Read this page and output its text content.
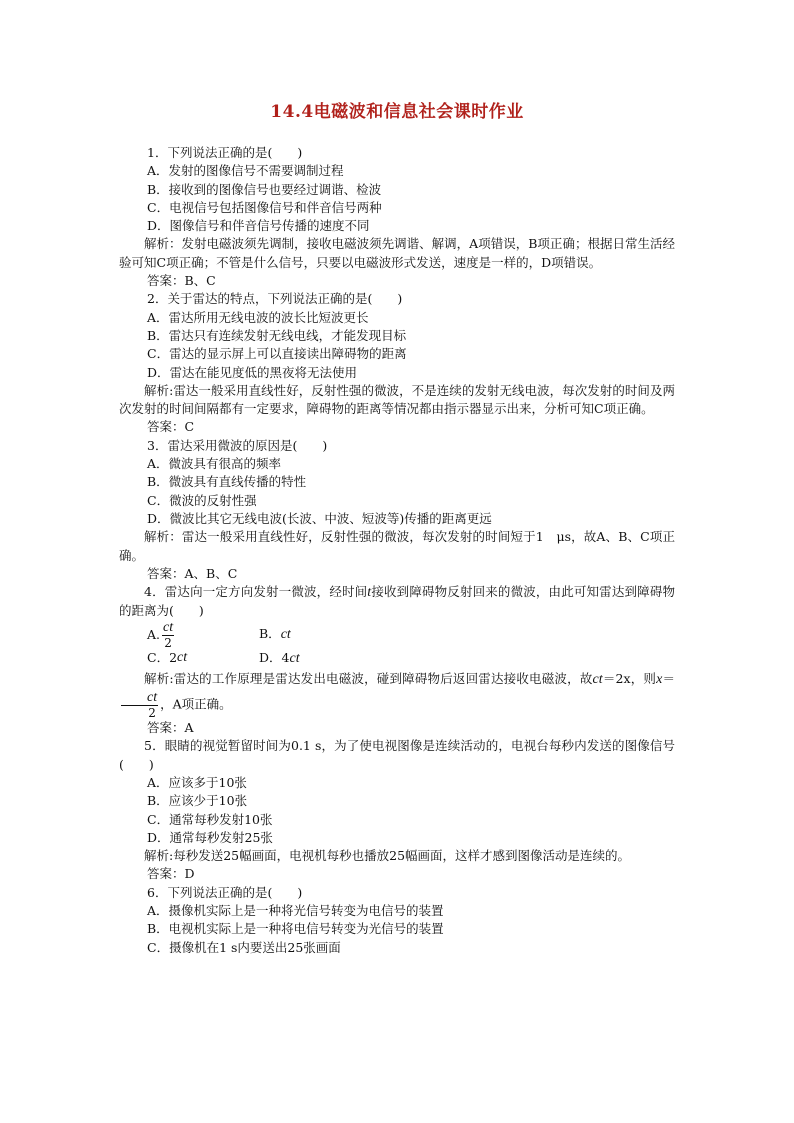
14.4电磁波和信息社会课时作业
1．下列说法正确的是(　　)
A．发射的图像信号不需要调制过程
B．接收到的图像信号也要经过调谐、检波
C．电视信号包括图像信号和伴音信号两种
D．图像信号和伴音信号传播的速度不同
解析：发射电磁波须先调制，接收电磁波须先调谐、解调，A项错误，B项正确；根据日常生活经验可知C项正确；不管是什么信号，只要以电磁波形式发送，速度是一样的，D项错误。
答案：B、C
2．关于雷达的特点，下列说法正确的是(　　)
A．雷达所用无线电波的波长比短波更长
B．雷达只有连续发射无线电线，才能发现目标
C．雷达的显示屏上可以直接读出障碍物的距离
D．雷达在能见度低的黑夜将无法使用
解析:雷达一般采用直线性好，反射性强的微波，不是连续的发射无线电波，每次发射的时间及两次发射的时间间隔都有一定要求，障碍物的距离等情况都由指示器显示出来，分析可知C项正确。
答案：C
3．雷达采用微波的原因是(　　)
A．微波具有很高的频率
B．微波具有直线传播的特性
C．微波的反射性强
D．微波比其它无线电波(长波、中波、短波等)传播的距离更远
解析：雷达一般采用直线性好，反射性强的微波，每次发射的时间短于1　μs，故A、B、C项正确。
答案：A、B、C
4．雷达向一定方向发射一微波，经时间t接收到障碍物反射回来的微波，由此可知雷达到障碍物的距离为(　　)
A. $\frac{ct}{2}$	B．ct
C．2 ct	D．4ct
解析:雷达的工作原理是雷达发出电磁波，碰到障碍物后返回雷达接收电磁波，故ct＝2x，则x＝
$\frac{ct}{2}$ ，A项正确。
答案：A
5．眼睛的视觉暂留时间为0.1 s，为了使电视图像是连续活动的，电视台每秒内发送的图像信号(　　)
A．应该多于10张
B．应该少于10张
C．通常每秒发射10张
D．通常每秒发射25张
解析:每秒发送25幅画面，电视机每秒也播放25幅画面，这样才感到图像活动是连续的。
答案：D
6．下列说法正确的是(　　)
A．摄像机实际上是一种将光信号转变为电信号的装置
B．电视机实际上是一种将电信号转变为光信号的装置
C．摄像机在1 s内要送出25张画面
